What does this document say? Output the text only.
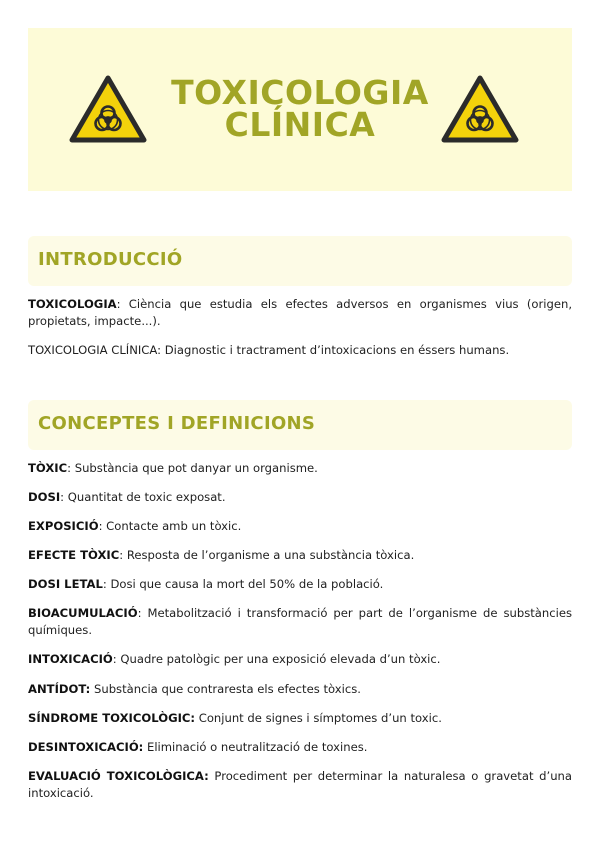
TOXICOLOGIA
CLÍNICA
INTRODUCCIÓ
TOXICOLOGIA: Ciència que estudia els efectes adversos en organismes vius (origen, propietats, impacte...).
TOXICOLOGIA CLÍNICA: Diagnostic i tractrament d’intoxicacions en éssers humans.
CONCEPTES I DEFINICIONS
TÒXIC: Substància que pot danyar un organisme.
DOSI: Quantitat de toxic exposat.
EXPOSICIÓ: Contacte amb un tòxic.
EFECTE TÒXIC: Resposta de l’organisme a una substància tòxica.
DOSI LETAL: Dosi que causa la mort del 50% de la població.
BIOACUMULACIÓ: Metabolització i transformació per part de l’organisme de substàncies químiques.
INTOXICACIÓ: Quadre patològic per una exposició elevada d’un tòxic.
ANTÍDOT: Substància que contraresta els efectes tòxics.
SÍNDROME TOXICOLÒGIC: Conjunt de signes i símptomes d’un toxic.
DESINTOXICACIÓ: Eliminació o neutralització de toxines.
EVALUACIÓ TOXICOLÒGICA: Procediment per determinar la naturalesa o gravetat d’una intoxicació.
